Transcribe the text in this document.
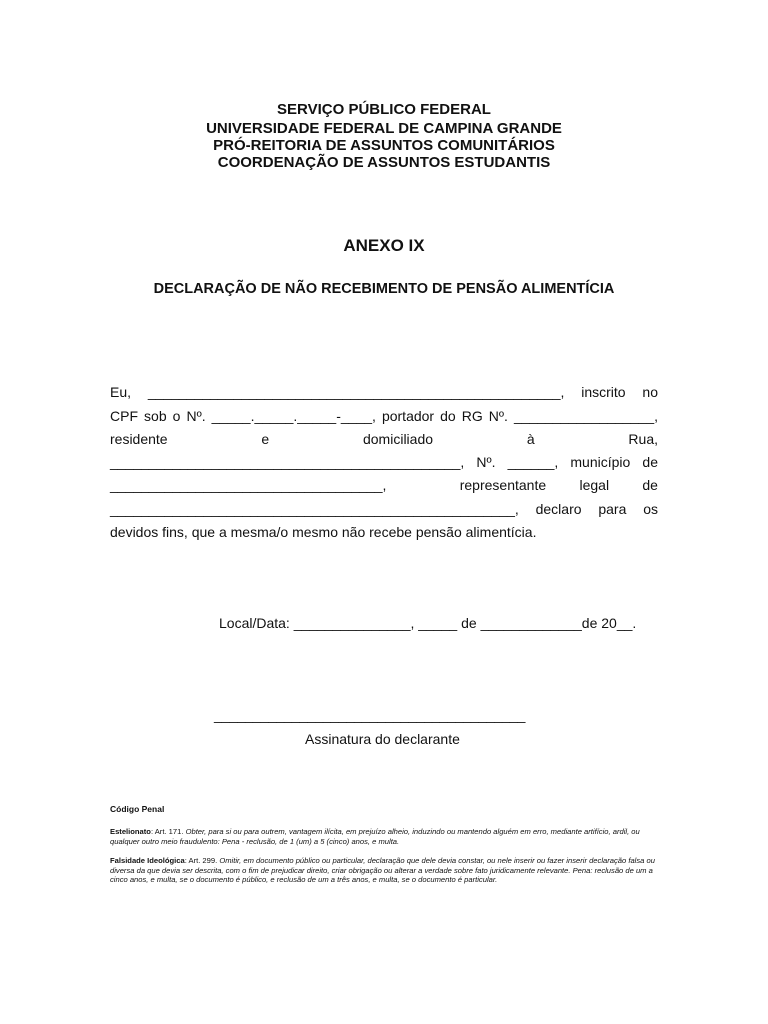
SERVIÇO PÚBLICO FEDERAL
UNIVERSIDADE FEDERAL DE CAMPINA GRANDE
PRÓ-REITORIA DE ASSUNTOS COMUNITÁRIOS
COORDENAÇÃO DE ASSUNTOS ESTUDANTIS
ANEXO IX
DECLARAÇÃO DE NÃO RECEBIMENTO DE PENSÃO ALIMENTÍCIA
Eu, _____________________________________________________, inscrito no
CPF sob o Nº. _____._____._____-____, portador do RG Nº. __________________,
residente	e	domiciliado	à	Rua,
_____________________________________________, Nº. ______, município de
___________________________________,	representante legal de
____________________________________________________, declaro para os
devidos fins, que a mesma/o mesmo não recebe pensão alimentícia.
Local/Data: _______________, _____ de _____________de 20__.
________________________________________
Assinatura do declarante
Código Penal
Estelionato: Art. 171. Obter, para si ou para outrem, vantagem ilícita, em prejuízo alheio, induzindo ou mantendo alguém em erro, mediante artifício, ardil, ou qualquer outro meio fraudulento: Pena - reclusão, de 1 (um) a 5 (cinco) anos, e multa.
Falsidade Ideológica: Art. 299. Omitir, em documento público ou particular, declaração que dele devia constar, ou nele inserir ou fazer inserir declaração falsa ou diversa da que devia ser descrita, com o fim de prejudicar direito, criar obrigação ou alterar a verdade sobre fato juridicamente relevante. Pena: reclusão de um a cinco anos, e multa, se o documento é público, e reclusão de um a três anos, e multa, se o documento é particular.
